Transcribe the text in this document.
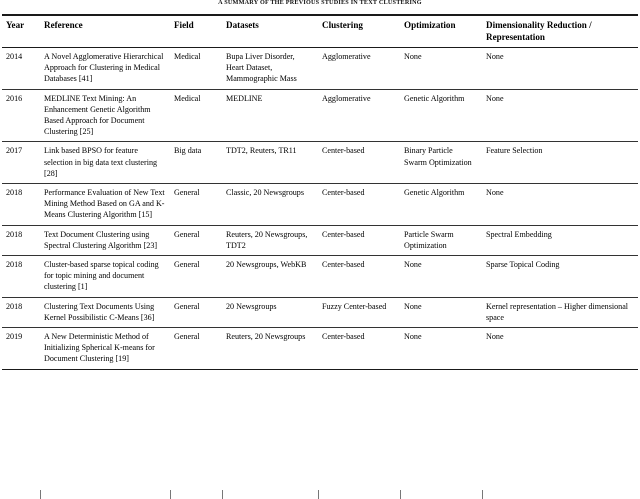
A SUMMARY OF THE PREVIOUS STUDIES IN TEXT CLUSTERING

Year	Reference	Field	Datasets	Clustering	Optimization	Dimensionality Reduction / Representation
2014	A Novel Agglomerative Hierarchical Approach for Clustering in Medical Databases [41]	Medical	Bupa Liver Disorder, Heart Dataset, Mammographic Mass	Agglomerative	None	None
2016	MEDLINE Text Mining: An Enhancement Genetic Algorithm Based Approach for Document Clustering [25]	Medical	MEDLINE	Agglomerative	Genetic Algorithm	None
2017	Link based BPSO for feature selection in big data text clustering [28]	Big data	TDT2, Reuters, TR11	Center-based	Binary Particle Swarm Optimization	Feature Selection
2018	Performance Evaluation of New Text Mining Method Based on GA and K-Means Clustering Algorithm [15]	General	Classic, 20 Newsgroups	Center-based	Genetic Algorithm	None
2018	Text Document Clustering using Spectral Clustering Algorithm [23]	General	Reuters, 20 Newsgroups, TDT2	Center-based	Particle Swarm Optimization	Spectral Embedding
2018	Cluster-based sparse topical coding for topic mining and document clustering [1]	General	20 Newsgroups, WebKB	Center-based	None	Sparse Topical Coding
2018	Clustering Text Documents Using Kernel Possibilistic C-Means [36]	General	20 Newsgroups	Fuzzy Center-based	None	Kernel representation – Higher dimensional space
2019	A New Deterministic Method of Initializing Spherical K-means for Document Clustering [19]	General	Reuters, 20 Newsgroups	Center-based	None	None
